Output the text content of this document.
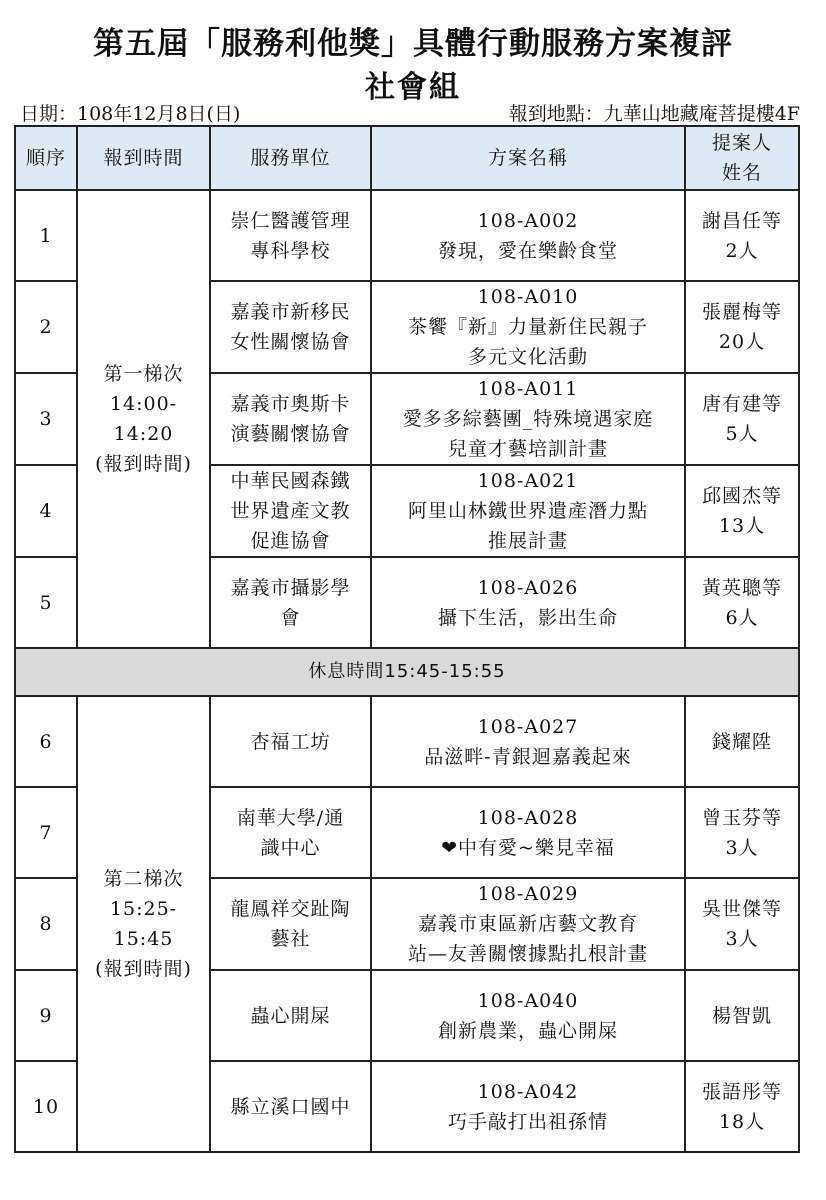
第五屆「服務利他獎」具體行動服務方案複評
社會組
日期：108年12月8日(日)	報到地點：九華山地藏庵菩提樓4F
順序	報到時間	服務單位	方案名稱	提案人
姓名

1	第一梯次
14:00-
14:20
(報到時間)	崇仁醫護管理
專科學校	108-A002
發現，愛在樂齡食堂	謝昌任等
2人

2		嘉義市新移民
女性關懷協會	108-A010
茶饗『新』力量新住民親子
多元文化活動	張麗梅等
20人

3		嘉義市奧斯卡
演藝關懷協會	108-A011
愛多多綜藝團_特殊境遇家庭
兒童才藝培訓計畫	唐有建等
5人

4		中華民國森鐵
世界遺產文教
促進協會	108-A021
阿里山林鐵世界遺產潛力點
推展計畫	邱國杰等
13人

5		嘉義市攝影學
會	108-A026
攝下生活，影出生命	黃英聰等
6人

休息時間15:45-15:55				

6	第二梯次
15:25-
15:45
(報到時間)	杏福工坊	108-A027
品滋畔-青銀迴嘉義起來	錢耀陞

7		南華大學/通
識中心	108-A028
❤中有愛~樂見幸福	曾玉芬等
3人

8		龍鳳祥交趾陶
藝社	108-A029
嘉義市東區新店藝文教育
站—友善關懷據點扎根計畫	吳世傑等
3人

9		蟲心開屎	108-A040
創新農業，蟲心開屎	楊智凱

10		縣立溪口國中	108-A042
巧手敲打出祖孫情	張語彤等
18人
